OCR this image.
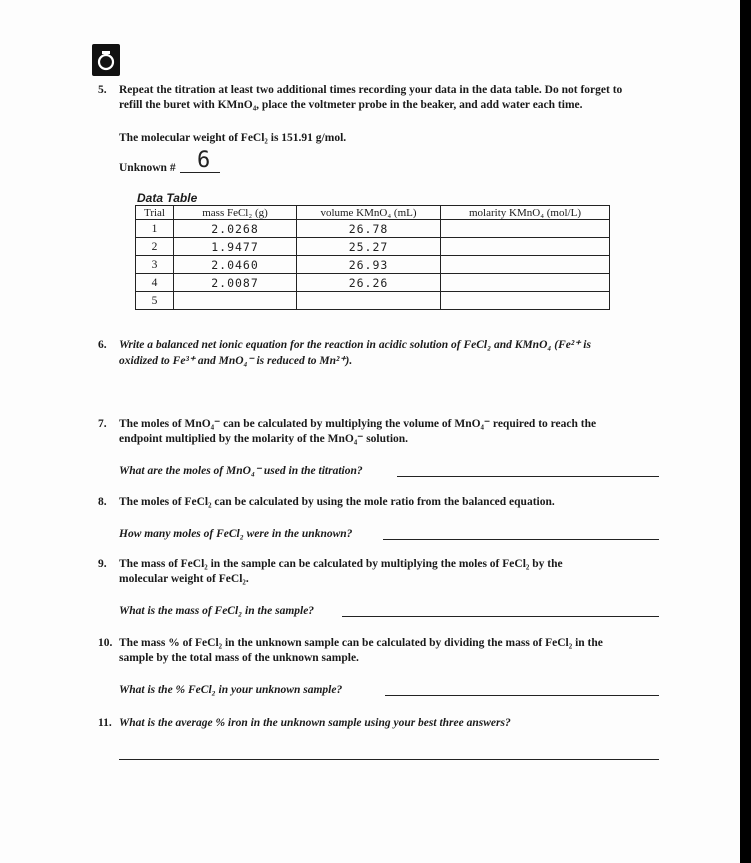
5.	Repeat the titration at least two additional times recording your data in the data table. Do not forget to
refill the buret with KMnO₄, place the voltmeter probe in the beaker, and add water each time.
The molecular weight of FeCl₂ is 151.91 g/mol.
Unknown # 6
Data Table
Trial	mass FeCl₂ (g)	volume KMnO₄ (mL)	molarity KMnO₄ (mol/L)
1	2.0268	26.78	
2	1.9477	25.27	
3	2.0460	26.93	
4	2.0087	26.26	
5			
6.	Write a balanced net ionic equation for the reaction in acidic solution of FeCl₂ and KMnO₄ (Fe²⁺ is
oxidized to Fe³⁺ and MnO₄⁻ is reduced to Mn²⁺).
7.	The moles of MnO₄⁻ can be calculated by multiplying the volume of MnO₄⁻ required to reach the
endpoint multiplied by the molarity of the MnO₄⁻ solution.
What are the moles of MnO₄⁻ used in the titration?
8.	The moles of FeCl₂ can be calculated by using the mole ratio from the balanced equation.
How many moles of FeCl₂ were in the unknown?
9.	The mass of FeCl₂ in the sample can be calculated by multiplying the moles of FeCl₂ by the
molecular weight of FeCl₂.
What is the mass of FeCl₂ in the sample?
10. The mass % of FeCl₂ in the unknown sample can be calculated by dividing the mass of FeCl₂ in the
sample by the total mass of the unknown sample.
What is the % FeCl₂ in your unknown sample?
11. What is the average % iron in the unknown sample using your best three answers?
